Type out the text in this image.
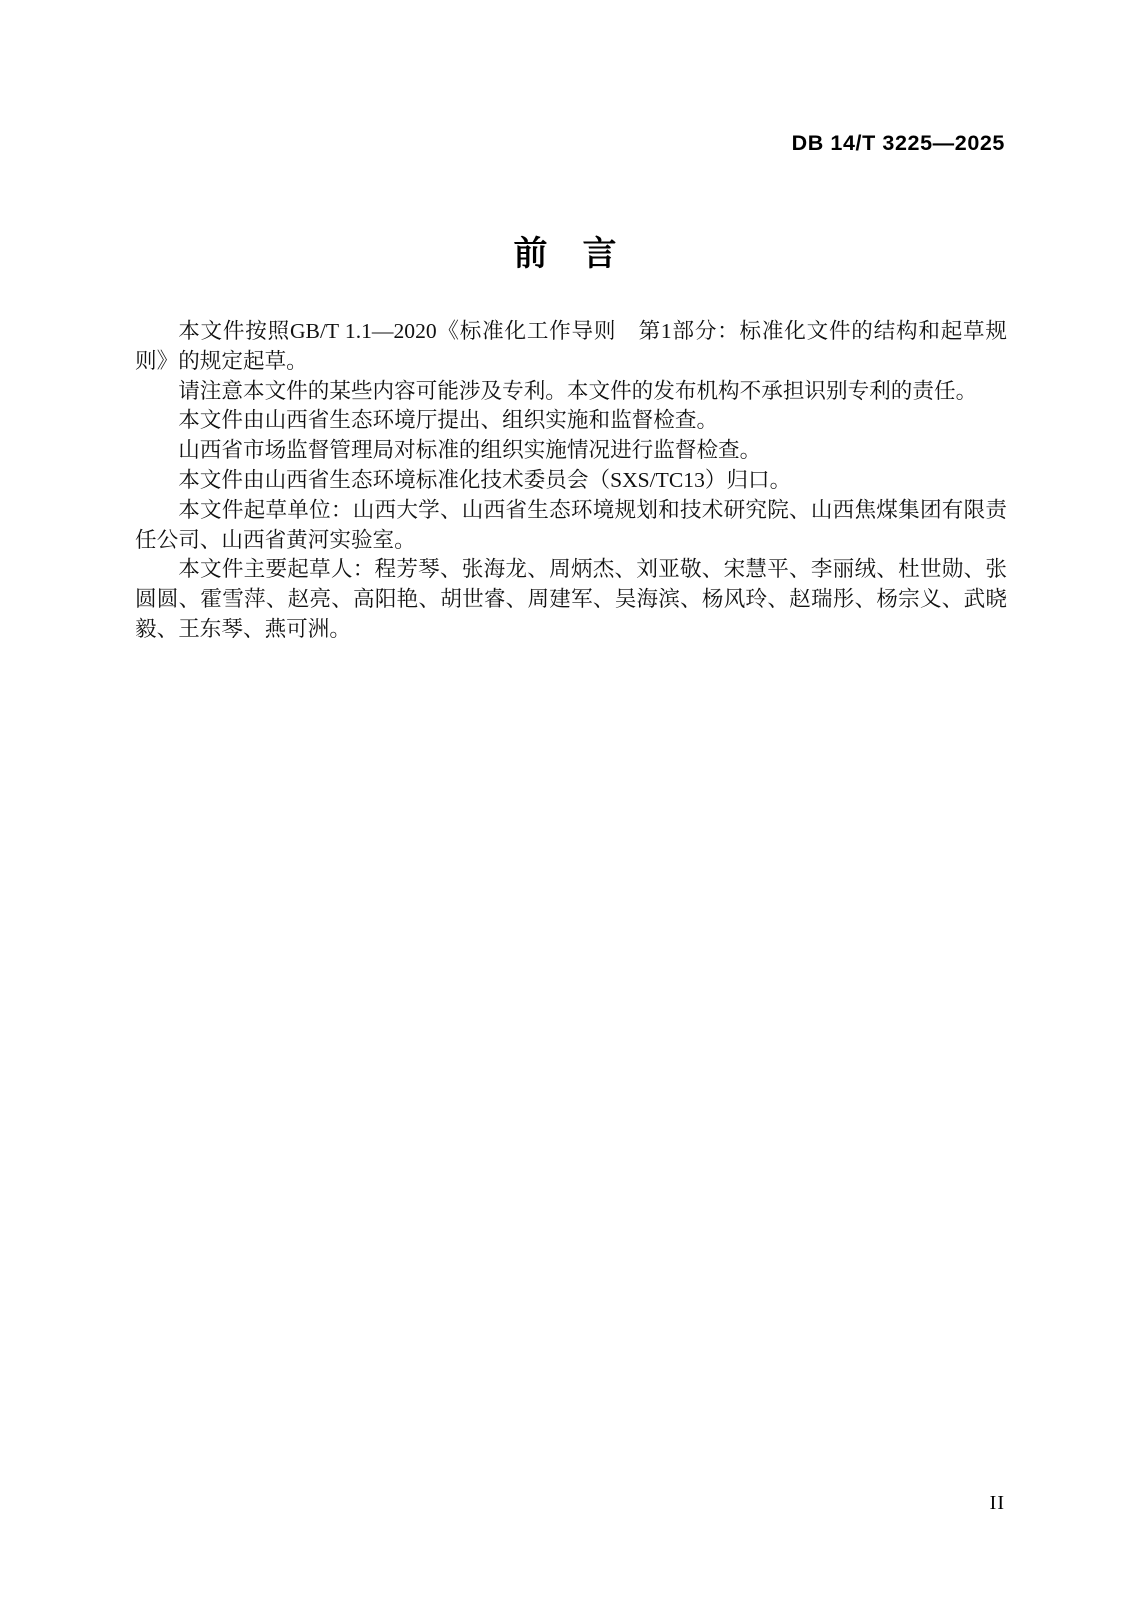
DB 14/T 3225—2025
前 言

本文件按照GB/T 1.1—2020《标准化工作导则　第1部分：标准化文件的结构和起草规则》的规定起草。

请注意本文件的某些内容可能涉及专利。本文件的发布机构不承担识别专利的责任。

本文件由山西省生态环境厅提出、组织实施和监督检查。

山西省市场监督管理局对标准的组织实施情况进行监督检查。

本文件由山西省生态环境标准化技术委员会（SXS/TC13）归口。

本文件起草单位：山西大学、山西省生态环境规划和技术研究院、山西焦煤集团有限责任公司、山西省黄河实验室。

本文件主要起草人：程芳琴、张海龙、周炳杰、刘亚敬、宋慧平、李丽绒、杜世勋、张圆圆、霍雪萍、赵亮、高阳艳、胡世睿、周建军、吴海滨、杨风玲、赵瑞彤、杨宗义、武晓毅、王东琴、燕可洲。

II
